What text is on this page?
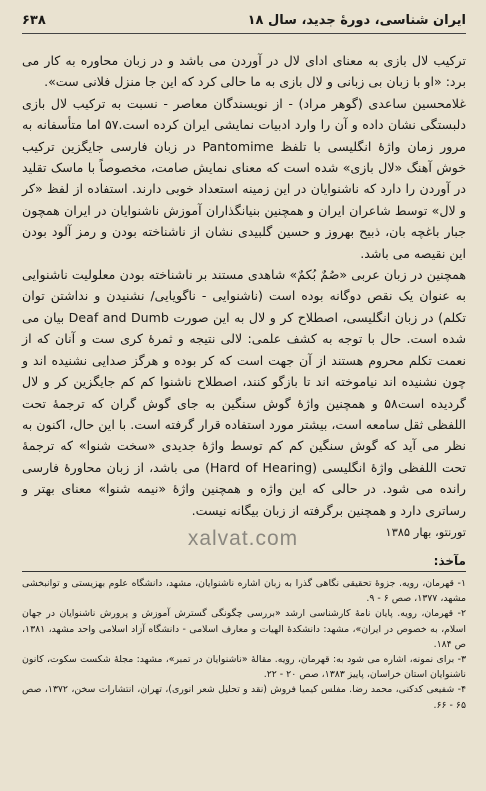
ایران شناسی، دورۀ جدید، سال ۱۸
۶۳۸

ترکیب لال بازی به معنای ادای لال در آوردن می باشد و در زبان محاوره به کار می برد: «او با زبان بی زبانی و لال بازی به ما حالی کرد که این جا منزل فلانی ست».

غلامحسین ساعدی (گوهر مراد) - از نویسندگان معاصر - نسبت به ترکیب لال بازی دلبستگی نشان داده و آن را وارد ادبیات نمایشی ایران کرده است.۵۷ اما متأسفانه به مرور زمان واژۀ انگلیسی با تلفظ Pantomime در زبان فارسی جایگزین ترکیب خوش آهنگ «لال بازی» شده است که معنای نمایش صامت، مخصوصاً با ماسک تقلید در آوردن را دارد که ناشنوایان در این زمینه استعداد خوبی دارند. استفاده از لفظ «کر و لال» توسط شاعران ایران و همچنین بنیانگذاران آموزش ناشنوایان در ایران همچون جبار باغچه بان، ذبیح بهروز و حسین گلبیدی نشان از ناشناخته بودن و رمز آلود بودن این نقیصه می باشد.

همچنین در زبان عربی «صُمٌ بُکمٌ» شاهدی مستند بر ناشناخته بودن معلولیت ناشنوایی به عنوان یک نقص دوگانه بوده است (ناشنوایی - ناگویایی/ نشنیدن و نداشتن توان تکلم) در زبان انگلیسی، اصطلاح کر و لال به این صورت Deaf and Dumb بیان می شده است. حال با توجه به کشف علمی: لالی نتیجه و ثمرۀ کری ست و آنان که از نعمت تکلم محروم هستند از آن جهت است که کر بوده و هرگز صدایی نشنیده اند و چون نشنیده اند نیاموخته اند تا بازگو کنند، اصطلاح ناشنوا کم کم جایگزین کر و لال گردیده است۵۸ و همچنین واژۀ گوش سنگین به جای گوش گران که ترجمۀ تحت اللفظی ثقل سامعه است، بیشتر مورد استفاده قرار گرفته است. با این حال، اکنون به نظر می آید که گوش سنگین کم کم توسط واژۀ جدیدی «سخت شنوا» که ترجمۀ تحت اللفظی واژۀ انگلیسی (Hard of Hearing) می باشد، از زبان محاورۀ فارسی رانده می شود. در حالی که این واژه و همچنین واژۀ «نیمه شنوا» معنای بهتر و رساتری دارد و همچنین برگرفته از زبان بیگانه نیست.

تورنتو، بهار ۱۳۸۵
مآخذ:

۱- قهرمان، رویه. جزوۀ تحقیقی نگاهی گذرا به زبان اشاره ناشنوایان، مشهد، دانشگاه علوم بهزیستی و توانبخشی مشهد، ۱۳۷۷، صص ۶ - ۹.

۲- قهرمان، رویه. پایان نامۀ کارشناسی ارشد «بررسی چگونگی گسترش آموزش و پرورش ناشنوایان در جهان اسلام، به خصوص در ایران»، مشهد: دانشکدۀ الهیات و معارف اسلامی - دانشگاه آزاد اسلامی واحد مشهد، ۱۳۸۱، ص ۱۸۴.

۳- برای نمونه، اشاره می شود به: قهرمان، رویه. مقالۀ «ناشنوایان در تمبر»، مشهد: مجلۀ شکست سکوت، کانون ناشنوایان استان خراسان، پاییز ۱۳۸۳، صص ۲۰ - ۲۲.

۴- شفیعی کدکنی، محمد رضا. مفلس کیمیا فروش (نقد و تحلیل شعر انوری)، تهران، انتشارات سخن، ۱۳۷۲، صص ۶۵ - ۶۶.

xalvat.com
